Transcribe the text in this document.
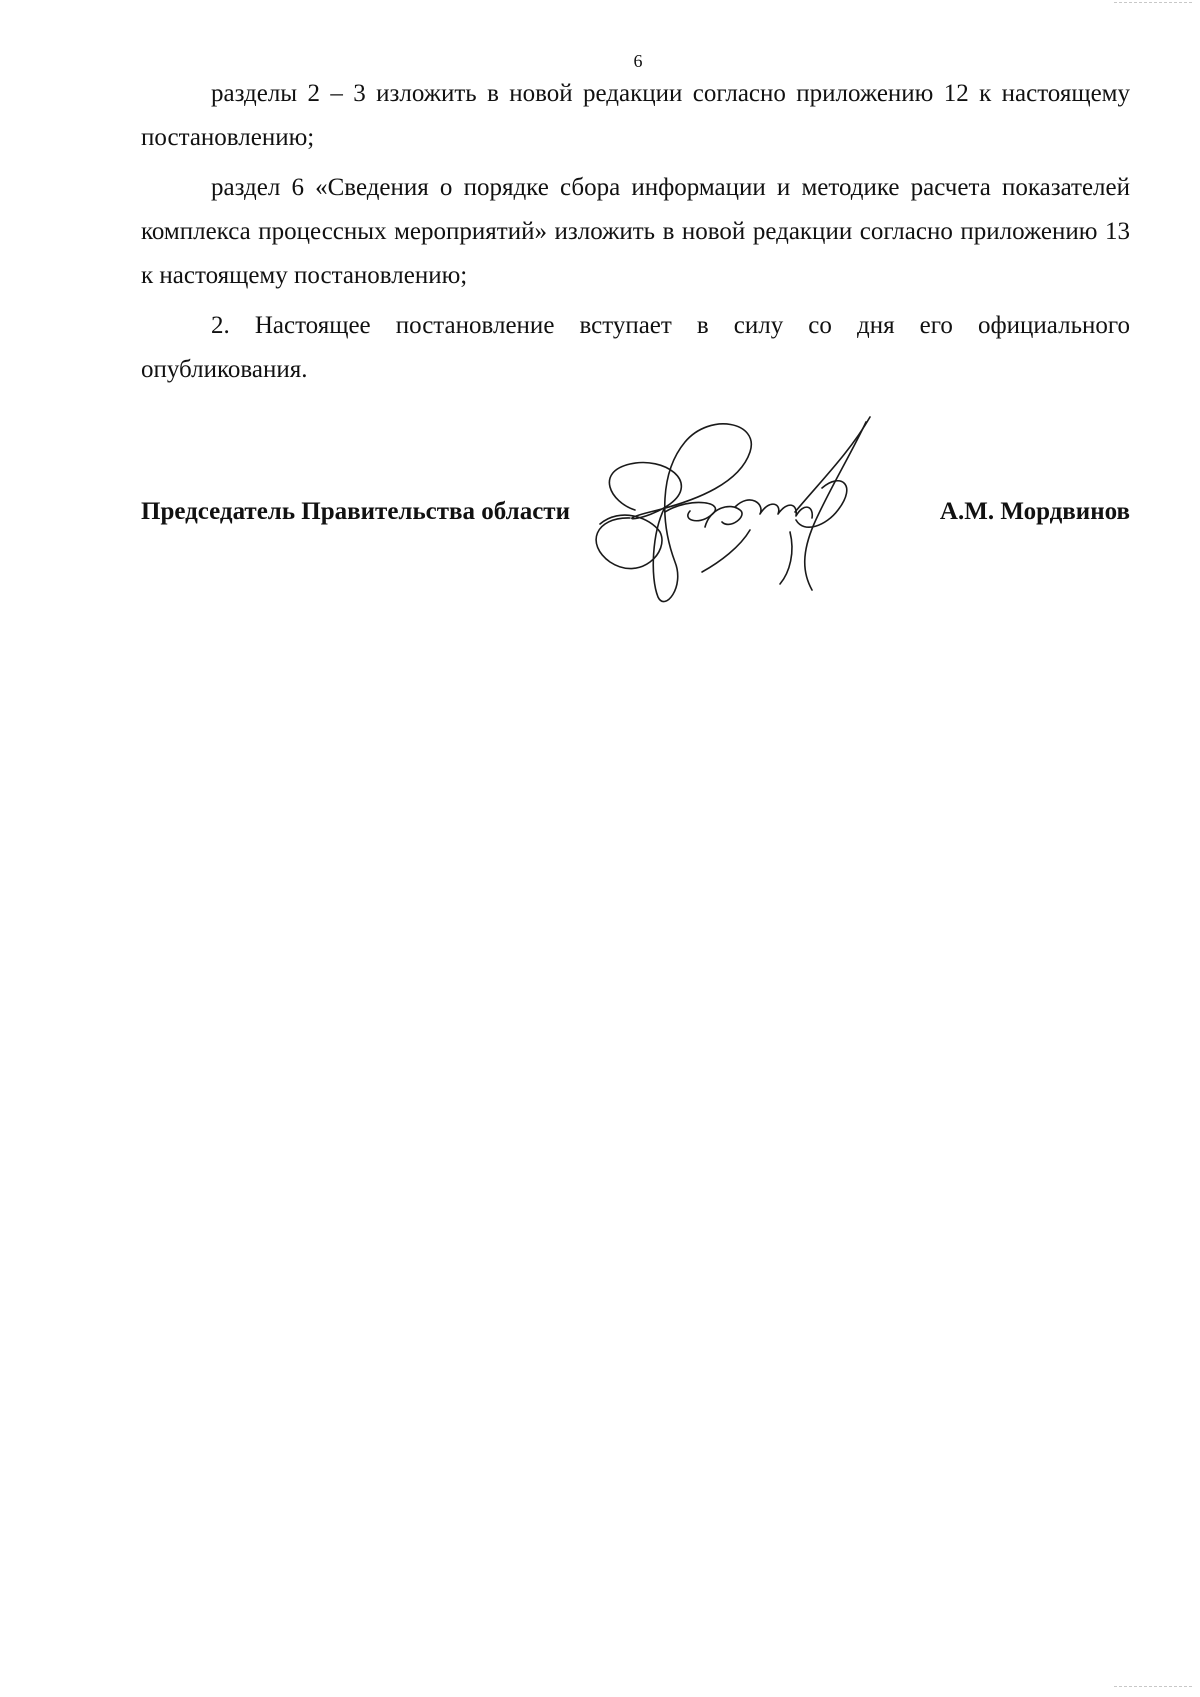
6

разделы 2 – 3 изложить в новой редакции согласно приложению 12 к настоящему постановлению;

раздел 6 «Сведения о порядке сбора информации и методике расчета показателей комплекса процессных мероприятий» изложить в новой редакции согласно приложению 13 к настоящему постановлению;

2. Настоящее постановление вступает в силу со дня его официального опубликования.

Председатель Правительства области	А.М. Мордвинов
